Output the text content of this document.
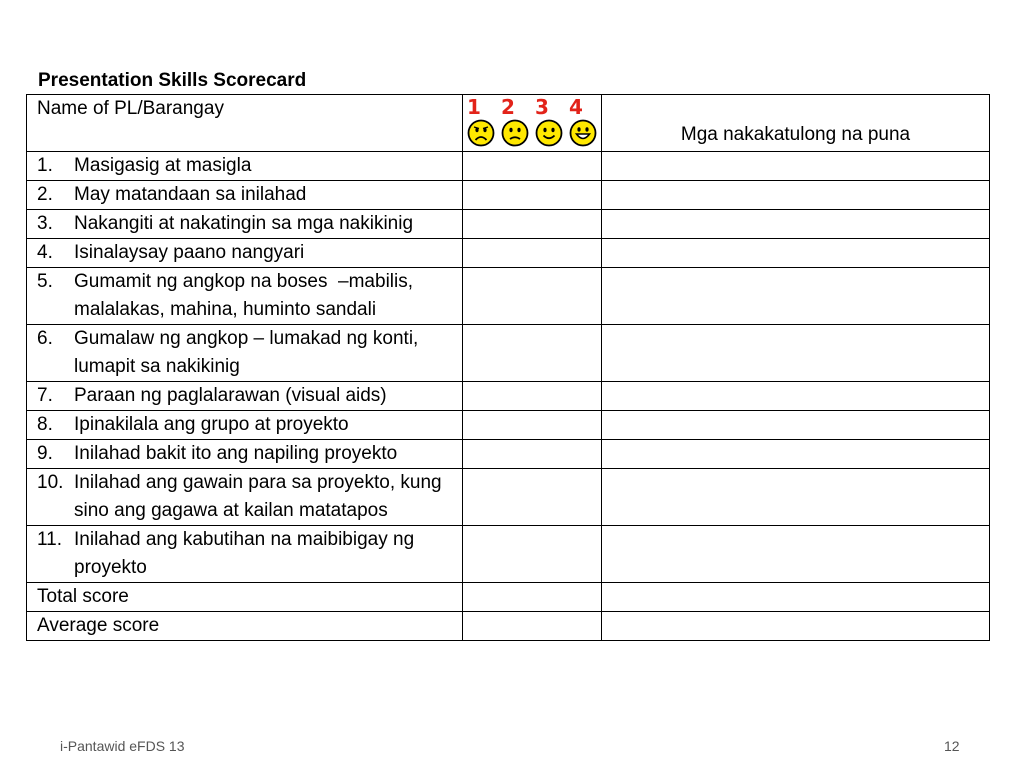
Presentation Skills Scorecard
Name of PL/Barangay	1 2 3 4	Mga nakakatulong na puna

1. Masigasig at masigla		

2. May matandaan sa inilahad		

3. Nakangiti at nakatingin sa mga nakikinig		

4. Isinalaysay paano nangyari		

5. Gumamit ng angkop na boses  –mabilis, malalakas, mahina, huminto sandali		

6. Gumalaw ng angkop – lumakad ng konti, lumapit sa nakikinig		

7. Paraan ng paglalarawan (visual aids)		

8. Ipinakilala ang grupo at proyekto		

9. Inilahad bakit ito ang napiling proyekto		

10. Inilahad ang gawain para sa proyekto, kung sino ang gagawa at kailan matatapos		

11. Inilahad ang kabutihan na maibibigay ng proyekto		

Total score		
Average score		
i-Pantawid eFDS 13	12
